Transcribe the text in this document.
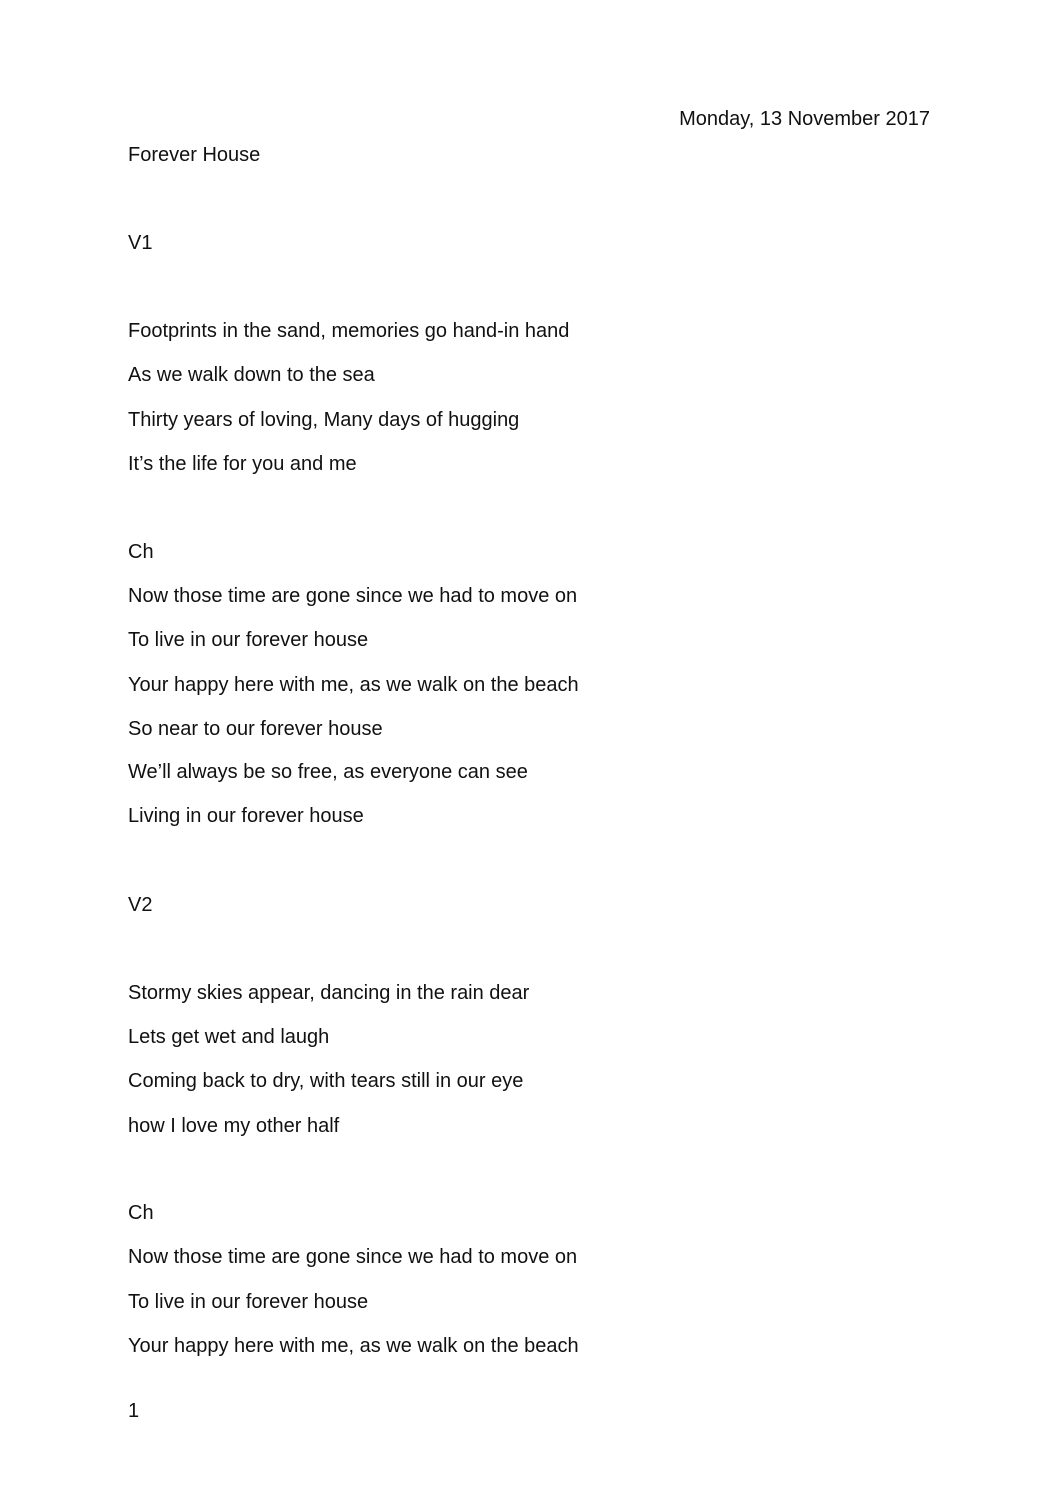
Monday, 13 November 2017
Forever House
V1
Footprints in the sand, memories go hand-in hand
As we walk down to the sea
Thirty years of loving, Many days of hugging
It’s the life for you and me
Ch
Now those time are gone since we had to move on
To live in our forever house
Your happy here with me, as we walk on the beach
So near to our forever house
We’ll always be so free, as everyone can see
Living in our forever house
V2
Stormy skies appear, dancing in the rain dear
Lets get wet and laugh
Coming back to dry, with tears still in our eye
how I love my other half
Ch
Now those time are gone since we had to move on
To live in our forever house
Your happy here with me, as we walk on the beach
1
